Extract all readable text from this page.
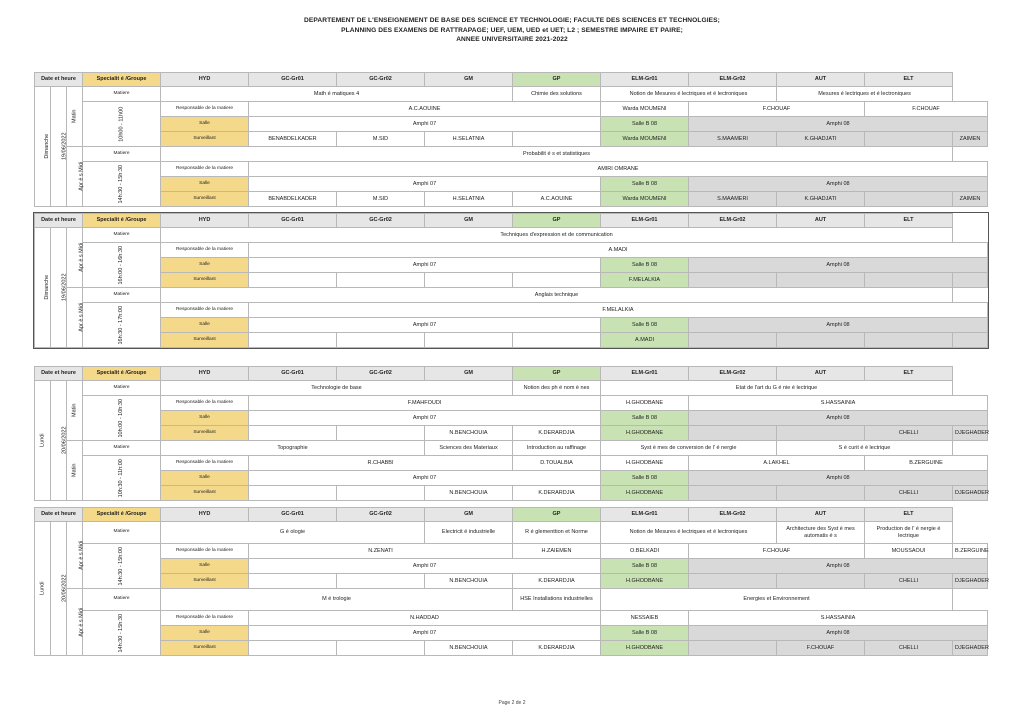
DEPARTEMENT DE L'ENSEIGNEMENT DE BASE DES SCIENCE ET TECHNOLOGIE; FACULTE DES SCIENCES ET TECHNOLGIES;
PLANNING DES EXAMENS DE RATTRAPAGE; UEF, UEM, UED et UET; L2 ; SEMESTRE IMPAIRE ET PAIRE;
ANNEE UNIVERSITAIRE 2021-2022
Date et heure			Specialit é /Groupe	HYD	GC-Gr01	GC-Gr02	GM	GP	ELM-Gr01	ELM-Gr02	AUT	ELT	
Dimanche	19/06/2022	Matin	Matiere	Math é matiques 4				Chimie des solutions	Notion de Mesures é lectriques et é lectroniques		Mesures é lectriques et é lectroniques		
			10h00 - 11h00	Responsable de la matiere	A.C.AOUINE				Warda MOUMENI	F.CHOUAF		F.CHOUAF	
				Salle	Amphi 07				Salle B 08	Amphi 08			
				Surveillant	BENABDELKADER	M.SID	H.SELATNIA		Warda MOUMENI	S.MAAMERI	K.GHADJATI		ZAIMEN
		Apr è s Midi	Matiere	Probabilit é s et statistiques									
			14h:30 - 15h:30	Responsable de la matiere	AMIRI OMRANE								
				Salle	Amphi 07				Salle B 08	Amphi 08			
				Surveillant	BENABDELKADER	M.SID	H.SELATNIA	A.C.AOUINE	Warda MOUMENI	S.MAAMERI	K.GHADJATI		ZAIMEN
Date et heure			Specialit é /Groupe	HYD	GC-Gr01	GC-Gr02	GM	GP	ELM-Gr01	ELM-Gr02	AUT	ELT	
Dimanche	19/06/2022	Apr è s Midi	Matiere	Techniques d'expression et de communication									
			16h:00 - 16h:30	Responsable de la matiere	A.MADI								
				Salle	Amphi 07				Salle B 08	Amphi 08			
				Surveillant					F.MELALKIA				
		Apr è s Midi	Matiere	Anglais technique									
			16h:30 - 17h:00	Responsable de la matiere	F.MELALKIA								
				Salle	Amphi 07				Salle B 08	Amphi 08			
				Surveillant					A.MADI				
Date et heure			Specialit é /Groupe	HYD	GC-Gr01	GC-Gr02	GM	GP	ELM-Gr01	ELM-Gr02	AUT	ELT	
Lundi	20/06/2022	Matin	Matiere	Technologie de base				Notion des ph é nom è nes	Etat de l'art du G é nie é lectrique				
			10h:00 - 10h:30	Responsable de la matiere	F.MAHFOUDI				H.GHODBANE	S.HASSAINIA			
				Salle	Amphi 07				Salle B 08	Amphi 08			
				Surveillant			N.BENCHOUIA	K.DERARDJIA	H.GHODBANE			CHELLI	DJEGHADER
		Matin	Matiere	Topographie			Sciences des Materiaux	Introduction au raffinage	Syst è mes de conversion de l' é nergie		S é curit é é lectrique		
			10h:30 - 11h:00	Responsable de la matiere	R.CHABBI			D.TOUALBIA	H.GHODBANE	A.LAKHEL		B.ZERGUINE	
				Salle	Amphi 07				Salle B 08	Amphi 08			
				Surveillant			N.BENCHOUIA	K.DERARDJIA	H.GHODBANE			CHELLI	DJEGHADER
Date et heure			Specialit é /Groupe	HYD	GC-Gr01	GC-Gr02	GM	GP	ELM-Gr01	ELM-Gr02	AUT	ELT	
Lundi	20/06/2022	Apr è s Midi	Matiere	G é ologie			Electricit é industrielle	R é glementtion et Norme	Notion de Mesures é lectriques et é lectroniques		Architecture des Syst è mes automatis é s	Production de l' é nergie é lectrique	
			14h:30 - 15h:00	Responsable de la matiere	N.ZENATI			H.ZAIEMEN	O.BELKADI	F.CHOUAF		MOUSSAOUI	B.ZERGUINE
				Salle	Amphi 07				Salle B 08	Amphi 08			
				Surveillant			N.BENCHOUIA	K.DERARDJIA	H.GHODBANE			CHELLI	DJEGHADER
		Apr è s Midi	Matiere	M é trologie				HSE Installations industrielles	Energies et Environnement				
			14h:30 - 15h:30	Responsable de la matiere	N.HADDAD				NESSAIEB	S.HASSAINIA			
				Salle	Amphi 07				Salle B 08	Amphi 08			
				Surveillant			N.BENCHOUIA	K.DERARDJIA	H.GHODBANE		F.CHOUAF	CHELLI	DJEGHADER
Page 2 de 2
